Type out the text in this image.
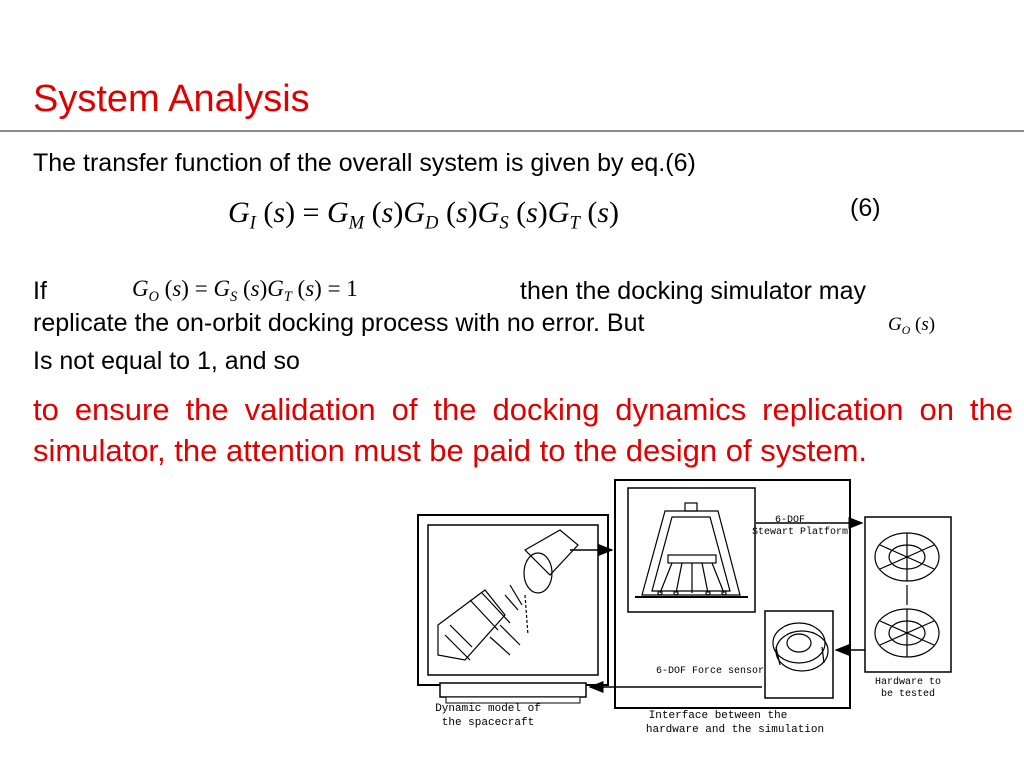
System Analysis
The transfer function of the overall system is given by eq.(6)
$G_I$ $(s) = G_M$ $(s)G_D$ $(s)G_S$ $(s)G_T$ (s)	(6)
If	$G_O$ $(s) = G_S$ $(s)G_T$ (s) = 1	then the docking simulator may
replicate the on-orbit docking process with no error. But	$G_O$ (s)
Is not equal to 1, and so
to ensure the validation of the docking dynamics replication on the simulator, the attention must be paid to the design of system.
6-DOF
Stewart Platform
6-DOF Force sensor
Hardware to
be tested
Dynamic model of
the spacecraft
Interface between the
hardware and the simulation
